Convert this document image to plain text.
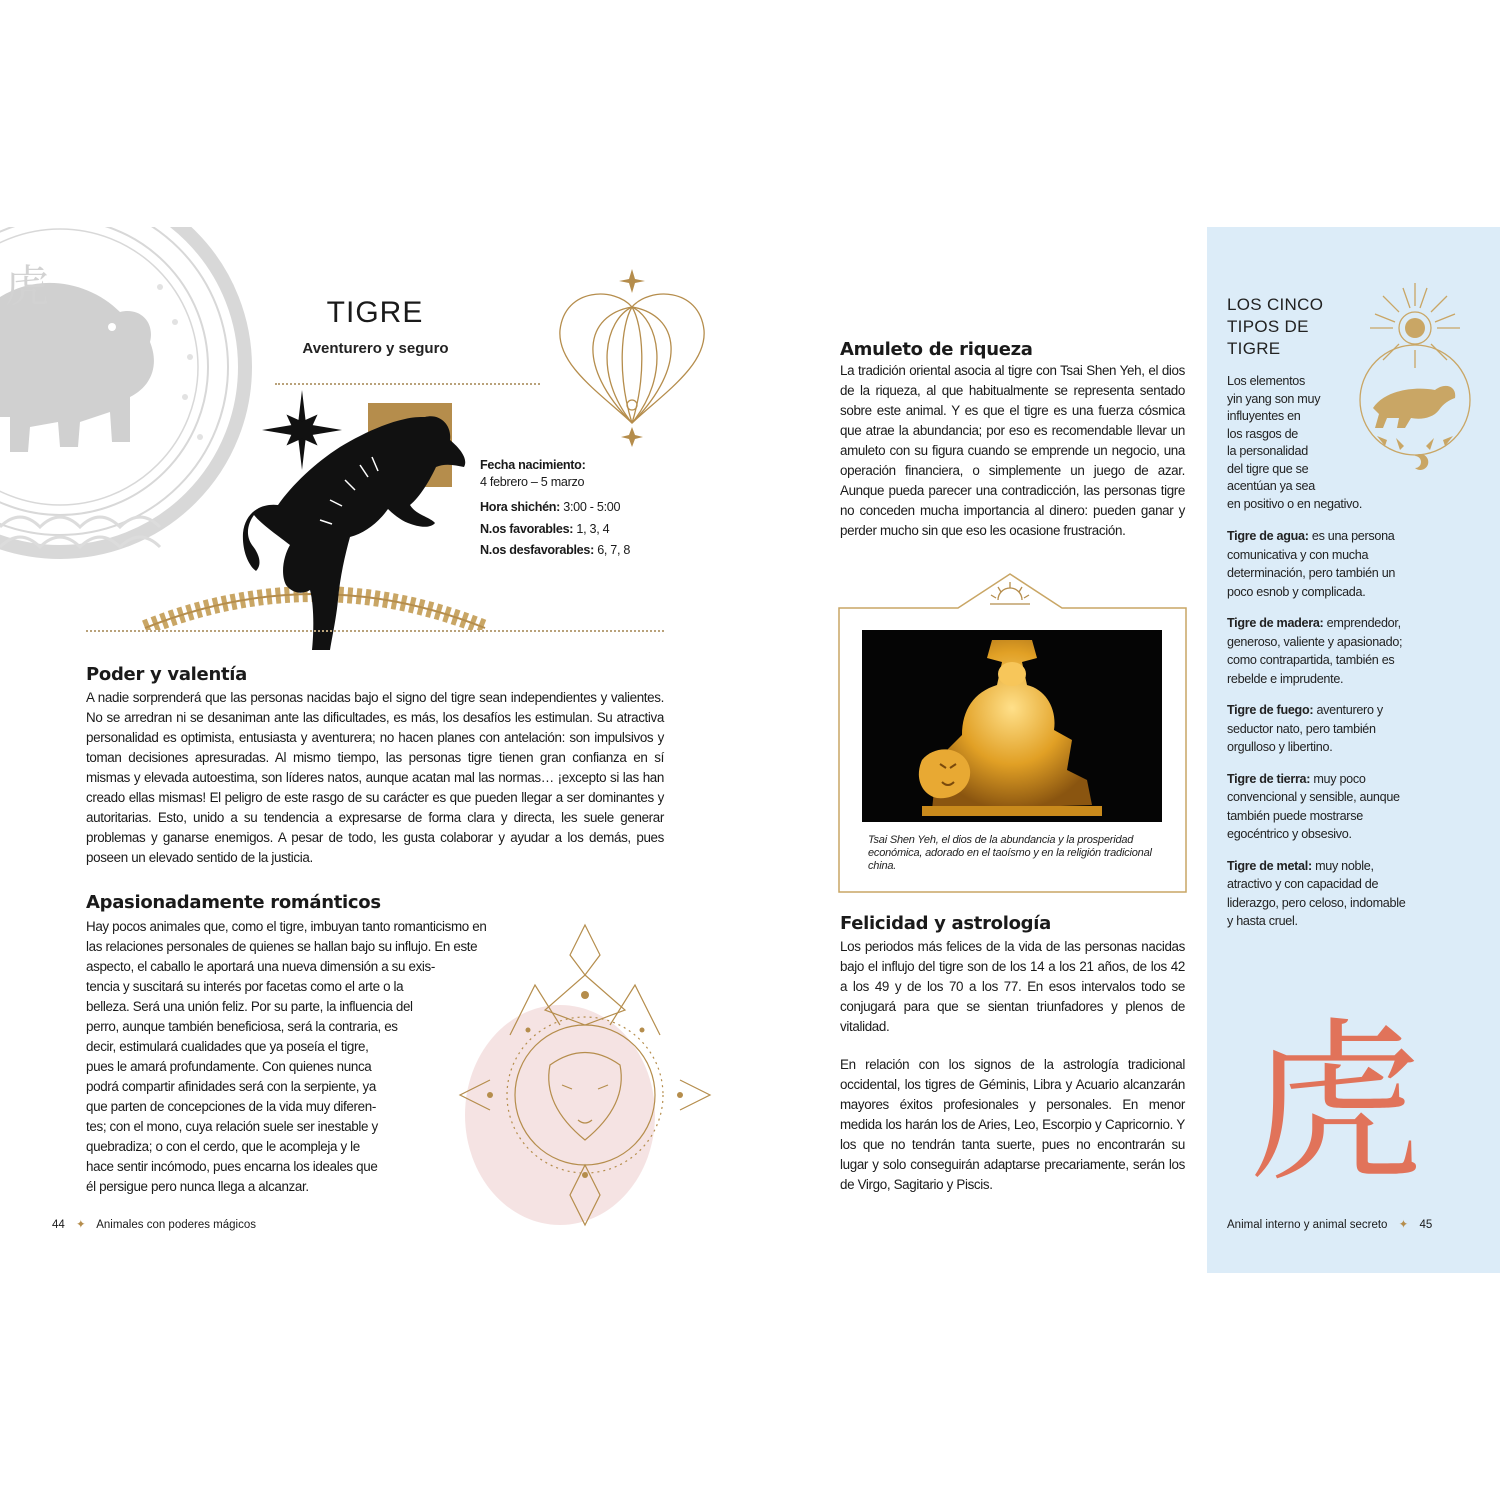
虎
TIGRE
Aventurero y seguro
Fecha nacimiento:
4 febrero – 5 marzo
Hora shichén: 3:00 - 5:00
N.os favorables: 1, 3, 4
N.os desfavorables: 6, 7, 8
Poder y valentía

A nadie sorprenderá que las personas nacidas bajo el signo del tigre sean independientes y valientes. No se arredran ni se desaniman ante las dificultades, es más, los desafíos les estimulan. Su atractiva personalidad es optimista, entusiasta y aventurera; no hacen planes con antelación: son impulsivos y toman decisiones apresuradas. Al mismo tiempo, las personas tigre tienen gran confianza en sí mismas y elevada autoestima, son líderes natos, aunque acatan mal las normas… ¡excepto si las han creado ellas mismas! El peligro de este rasgo de su carácter es que pueden llegar a ser dominantes y autoritarias. Esto, unido a su tendencia a expresarse de forma clara y directa, les suele generar problemas y ganarse enemigos. A pesar de todo, les gusta colaborar y ayudar a los demás, pues poseen un elevado sentido de la justicia.

Apasionadamente románticos

Hay pocos animales que, como el tigre, imbuyan tanto romanticismo en

las relaciones personales de quienes se hallan bajo su influjo. En este

aspecto, el caballo le aportará una nueva dimensión a su exis-

tencia y suscitará su interés por facetas como el arte o la

belleza. Será una unión feliz. Por su parte, la influencia del

perro, aunque también beneficiosa, será la contraria, es

decir, estimulará cualidades que ya poseía el tigre,

pues le amará profundamente. Con quienes nunca

podrá compartir afinidades será con la serpiente, ya

que parten de concepciones de la vida muy diferen-

tes; con el mono, cuya relación suele ser inestable y

quebradiza; o con el cerdo, que le acompleja y le

hace sentir incómodo, pues encarna los ideales que

él persigue pero nunca llega a alcanzar.

44 ✦ Animales con poderes mágicos
Amuleto de riqueza

La tradición oriental asocia al tigre con Tsai Shen Yeh, el dios de la riqueza, al que habitualmente se representa sentado sobre este animal. Y es que el tigre es una fuerza cósmica que atrae la abundancia; por eso es recomendable llevar un amuleto con su figura cuando se emprende un negocio, una operación financiera, o simplemente un juego de azar. Aunque pueda parecer una contradicción, las personas tigre no conceden mucha importancia al dinero: pueden ganar y perder mucho sin que eso les ocasione frustración.

Tsai Shen Yeh, el dios de la abundancia y la prosperidad económica, adorado en el taoísmo y en la religión tradicional china.

Felicidad y astrología

Los periodos más felices de la vida de las personas nacidas bajo el influjo del tigre son de los 14 a los 21 años, de los 42 a los 49 y de los 70 a los 77. En esos intervalos todo se conjugará para que se sientan triunfadores y plenos de vitalidad.

En relación con los signos de la astrología tradicional occidental, los tigres de Géminis, Libra y Acuario alcanzarán mayores éxitos profesionales y personales. En menor medida los harán los de Aries, Leo, Escorpio y Capricornio. Y los que no tendrán tanta suerte, pues no encontrarán su lugar y solo conseguirán adaptarse precariamente, serán los de Virgo, Sagitario y Piscis.

LOS CINCO
TIPOS DE
TIGRE

Los elementos

yin yang son muy

influyentes en

los rasgos de

la personalidad

del tigre que se

acentúan ya sea

en positivo o en negativo.

Tigre de agua: es una persona comunicativa y con mucha determinación, pero también un poco esnob y complicada.

Tigre de madera: emprendedor, generoso, valiente y apasionado; como contrapartida, también es rebelde e imprudente.

Tigre de fuego: aventurero y seductor nato, pero también orgulloso y libertino.

Tigre de tierra: muy poco convencional y sensible, aunque también puede mostrarse egocéntrico y obsesivo.

Tigre de metal: muy noble, atractivo y con capacidad de liderazgo, pero celoso, indomable y hasta cruel.

虎
Animal interno y animal secreto ✦ 45
